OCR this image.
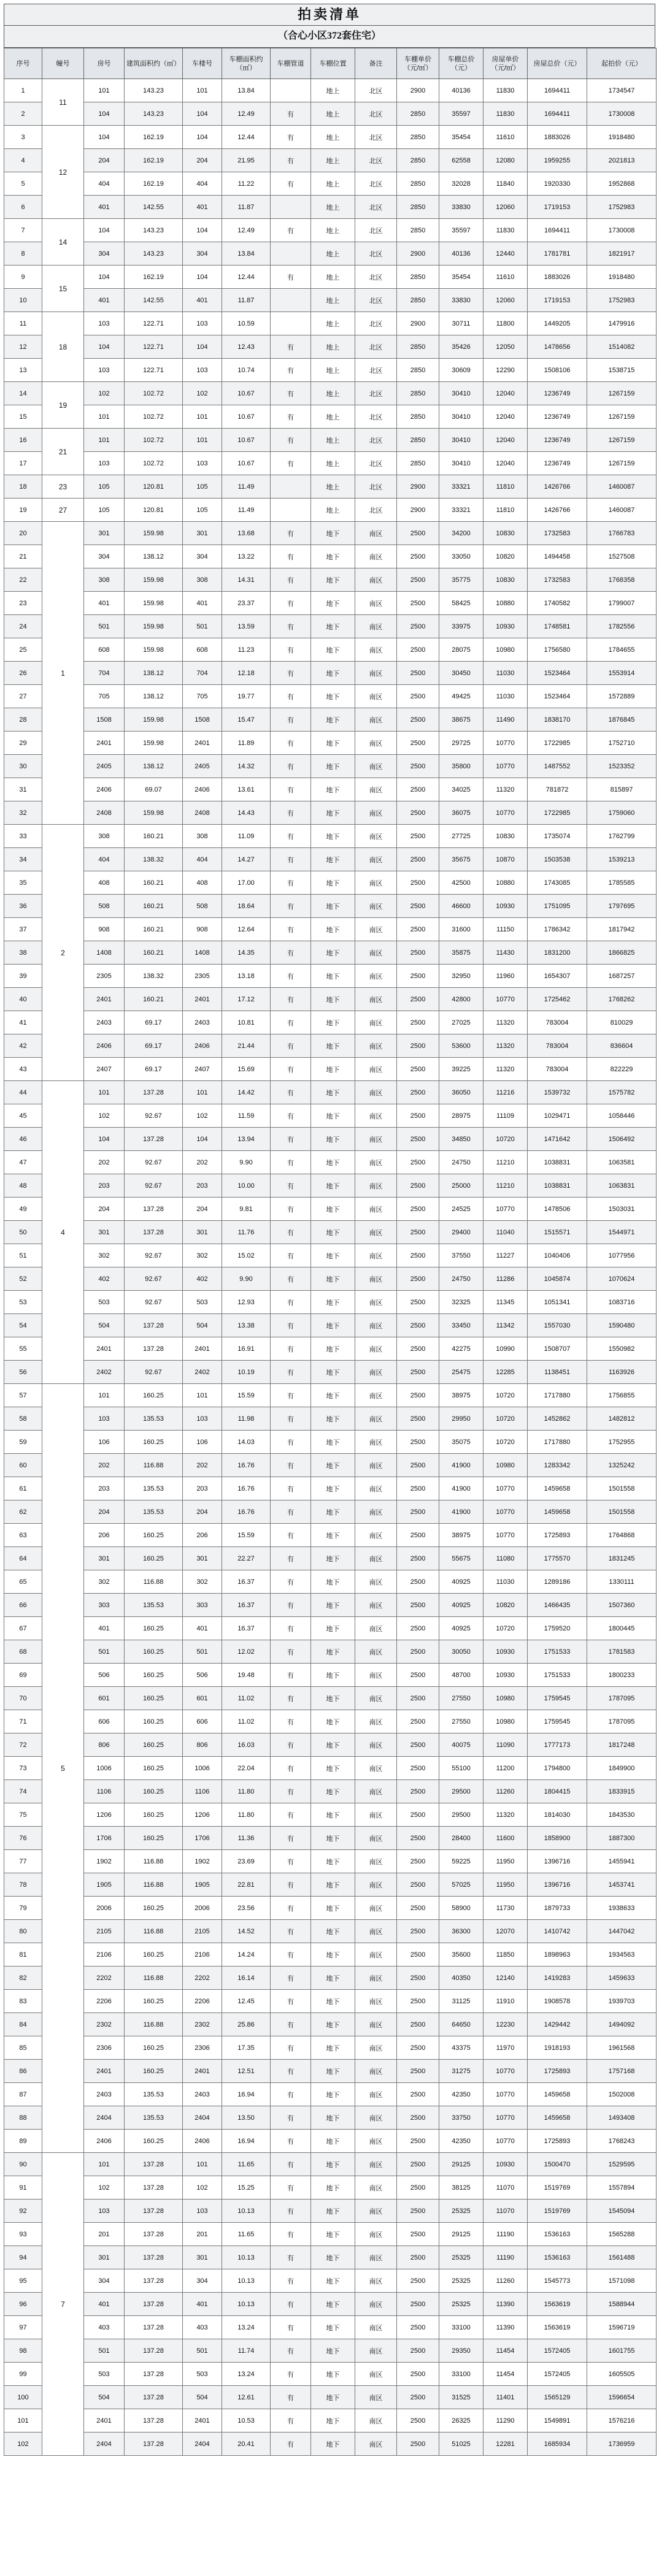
拍卖清单
（合心小区372套住宅）
序号	幢号	房号	建筑面积约（㎡）	车楼号	车棚面积约（㎡）	车棚管道	车棚位置	备注	车棚单价（元/㎡）	车棚总价（元）	房屋单价（元/㎡）	房屋总价（元）	起拍价（元）
1	11	101	143.23	101	13.84		地上	北区	2900	40136	11830	1694411	1734547
2		104	143.23	104	12.49	有	地上	北区	2850	35597	11830	1694411	1730008
3	12	104	162.19	104	12.44	有	地上	北区	2850	35454	11610	1883026	1918480
4		204	162.19	204	21.95	有	地上	北区	2850	62558	12080	1959255	2021813
5		404	162.19	404	11.22	有	地上	北区	2850	32028	11840	1920330	1952868
6		401	142.55	401	11.87		地上	北区	2850	33830	12060	1719153	1752983
7	14	104	143.23	104	12.49	有	地上	北区	2850	35597	11830	1694411	1730008
8		304	143.23	304	13.84		地上	北区	2900	40136	12440	1781781	1821917
9	15	104	162.19	104	12.44	有	地上	北区	2850	35454	11610	1883026	1918480
10		401	142.55	401	11.87		地上	北区	2850	33830	12060	1719153	1752983
11	18	103	122.71	103	10.59		地上	北区	2900	30711	11800	1449205	1479916
12		104	122.71	104	12.43	有	地上	北区	2850	35426	12050	1478656	1514082
13		103	122.71	103	10.74	有	地上	北区	2850	30609	12290	1508106	1538715
14	19	102	102.72	102	10.67	有	地上	北区	2850	30410	12040	1236749	1267159
15		101	102.72	101	10.67	有	地上	北区	2850	30410	12040	1236749	1267159
16	21	101	102.72	101	10.67	有	地上	北区	2850	30410	12040	1236749	1267159
17		103	102.72	103	10.67	有	地上	北区	2850	30410	12040	1236749	1267159
18	23	105	120.81	105	11.49		地上	北区	2900	33321	11810	1426766	1460087
19	27	105	120.81	105	11.49		地上	北区	2900	33321	11810	1426766	1460087
20	1	301	159.98	301	13.68	有	地下	南区	2500	34200	10830	1732583	1766783
21		304	138.12	304	13.22	有	地下	南区	2500	33050	10820	1494458	1527508
22		308	159.98	308	14.31	有	地下	南区	2500	35775	10830	1732583	1768358
23		401	159.98	401	23.37	有	地下	南区	2500	58425	10880	1740582	1799007
24		501	159.98	501	13.59	有	地下	南区	2500	33975	10930	1748581	1782556
25		608	159.98	608	11.23	有	地下	南区	2500	28075	10980	1756580	1784655
26		704	138.12	704	12.18	有	地下	南区	2500	30450	11030	1523464	1553914
27		705	138.12	705	19.77	有	地下	南区	2500	49425	11030	1523464	1572889
28		1508	159.98	1508	15.47	有	地下	南区	2500	38675	11490	1838170	1876845
29		2401	159.98	2401	11.89	有	地下	南区	2500	29725	10770	1722985	1752710
30		2405	138.12	2405	14.32	有	地下	南区	2500	35800	10770	1487552	1523352
31		2406	69.07	2406	13.61	有	地下	南区	2500	34025	11320	781872	815897
32		2408	159.98	2408	14.43	有	地下	南区	2500	36075	10770	1722985	1759060
33	2	308	160.21	308	11.09	有	地下	南区	2500	27725	10830	1735074	1762799
34		404	138.32	404	14.27	有	地下	南区	2500	35675	10870	1503538	1539213
35		408	160.21	408	17.00	有	地下	南区	2500	42500	10880	1743085	1785585
36		508	160.21	508	18.64	有	地下	南区	2500	46600	10930	1751095	1797695
37		908	160.21	908	12.64	有	地下	南区	2500	31600	11150	1786342	1817942
38		1408	160.21	1408	14.35	有	地下	南区	2500	35875	11430	1831200	1866825
39		2305	138.32	2305	13.18	有	地下	南区	2500	32950	11960	1654307	1687257
40		2401	160.21	2401	17.12	有	地下	南区	2500	42800	10770	1725462	1768262
41		2403	69.17	2403	10.81	有	地下	南区	2500	27025	11320	783004	810029
42		2406	69.17	2406	21.44	有	地下	南区	2500	53600	11320	783004	836604
43		2407	69.17	2407	15.69	有	地下	南区	2500	39225	11320	783004	822229
44	4	101	137.28	101	14.42	有	地下	南区	2500	36050	11216	1539732	1575782
45		102	92.67	102	11.59	有	地下	南区	2500	28975	11109	1029471	1058446
46		104	137.28	104	13.94	有	地下	南区	2500	34850	10720	1471642	1506492
47		202	92.67	202	9.90	有	地下	南区	2500	24750	11210	1038831	1063581
48		203	92.67	203	10.00	有	地下	南区	2500	25000	11210	1038831	1063831
49		204	137.28	204	9.81	有	地下	南区	2500	24525	10770	1478506	1503031
50		301	137.28	301	11.76	有	地下	南区	2500	29400	11040	1515571	1544971
51		302	92.67	302	15.02	有	地下	南区	2500	37550	11227	1040406	1077956
52		402	92.67	402	9.90	有	地下	南区	2500	24750	11286	1045874	1070624
53		503	92.67	503	12.93	有	地下	南区	2500	32325	11345	1051341	1083716
54		504	137.28	504	13.38	有	地下	南区	2500	33450	11342	1557030	1590480
55		2401	137.28	2401	16.91	有	地下	南区	2500	42275	10990	1508707	1550982
56		2402	92.67	2402	10.19	有	地下	南区	2500	25475	12285	1138451	1163926
57	5	101	160.25	101	15.59	有	地下	南区	2500	38975	10720	1717880	1756855
58		103	135.53	103	11.98	有	地下	南区	2500	29950	10720	1452862	1482812
59		106	160.25	106	14.03	有	地下	南区	2500	35075	10720	1717880	1752955
60		202	116.88	202	16.76	有	地下	南区	2500	41900	10980	1283342	1325242
61		203	135.53	203	16.76	有	地下	南区	2500	41900	10770	1459658	1501558
62		204	135.53	204	16.76	有	地下	南区	2500	41900	10770	1459658	1501558
63		206	160.25	206	15.59	有	地下	南区	2500	38975	10770	1725893	1764868
64		301	160.25	301	22.27	有	地下	南区	2500	55675	11080	1775570	1831245
65		302	116.88	302	16.37	有	地下	南区	2500	40925	11030	1289186	1330111
66		303	135.53	303	16.37	有	地下	南区	2500	40925	10820	1466435	1507360
67		401	160.25	401	16.37	有	地下	南区	2500	40925	10720	1759520	1800445
68		501	160.25	501	12.02	有	地下	南区	2500	30050	10930	1751533	1781583
69		506	160.25	506	19.48	有	地下	南区	2500	48700	10930	1751533	1800233
70		601	160.25	601	11.02	有	地下	南区	2500	27550	10980	1759545	1787095
71		606	160.25	606	11.02	有	地下	南区	2500	27550	10980	1759545	1787095
72		806	160.25	806	16.03	有	地下	南区	2500	40075	11090	1777173	1817248
73		1006	160.25	1006	22.04	有	地下	南区	2500	55100	11200	1794800	1849900
74		1106	160.25	1106	11.80	有	地下	南区	2500	29500	11260	1804415	1833915
75		1206	160.25	1206	11.80	有	地下	南区	2500	29500	11320	1814030	1843530
76		1706	160.25	1706	11.36	有	地下	南区	2500	28400	11600	1858900	1887300
77		1902	116.88	1902	23.69	有	地下	南区	2500	59225	11950	1396716	1455941
78		1905	116.88	1905	22.81	有	地下	南区	2500	57025	11950	1396716	1453741
79		2006	160.25	2006	23.56	有	地下	南区	2500	58900	11730	1879733	1938633
80		2105	116.88	2105	14.52	有	地下	南区	2500	36300	12070	1410742	1447042
81		2106	160.25	2106	14.24	有	地下	南区	2500	35600	11850	1898963	1934563
82		2202	116.88	2202	16.14	有	地下	南区	2500	40350	12140	1419283	1459633
83		2206	160.25	2206	12.45	有	地下	南区	2500	31125	11910	1908578	1939703
84		2302	116.88	2302	25.86	有	地下	南区	2500	64650	12230	1429442	1494092
85		2306	160.25	2306	17.35	有	地下	南区	2500	43375	11970	1918193	1961568
86		2401	160.25	2401	12.51	有	地下	南区	2500	31275	10770	1725893	1757168
87		2403	135.53	2403	16.94	有	地下	南区	2500	42350	10770	1459658	1502008
88		2404	135.53	2404	13.50	有	地下	南区	2500	33750	10770	1459658	1493408
89		2406	160.25	2406	16.94	有	地下	南区	2500	42350	10770	1725893	1768243
90	7	101	137.28	101	11.65	有	地下	南区	2500	29125	10930	1500470	1529595
91		102	137.28	102	15.25	有	地下	南区	2500	38125	11070	1519769	1557894
92		103	137.28	103	10.13	有	地下	南区	2500	25325	11070	1519769	1545094
93		201	137.28	201	11.65	有	地下	南区	2500	29125	11190	1536163	1565288
94		301	137.28	301	10.13	有	地下	南区	2500	25325	11190	1536163	1561488
95		304	137.28	304	10.13	有	地下	南区	2500	25325	11260	1545773	1571098
96		401	137.28	401	10.13	有	地下	南区	2500	25325	11390	1563619	1588944
97		403	137.28	403	13.24	有	地下	南区	2500	33100	11390	1563619	1596719
98		501	137.28	501	11.74	有	地下	南区	2500	29350	11454	1572405	1601755
99		503	137.28	503	13.24	有	地下	南区	2500	33100	11454	1572405	1605505
100		504	137.28	504	12.61	有	地下	南区	2500	31525	11401	1565129	1596654
101		2401	137.28	2401	10.53	有	地下	南区	2500	26325	11290	1549891	1576216
102		2404	137.28	2404	20.41	有	地下	南区	2500	51025	12281	1685934	1736959
